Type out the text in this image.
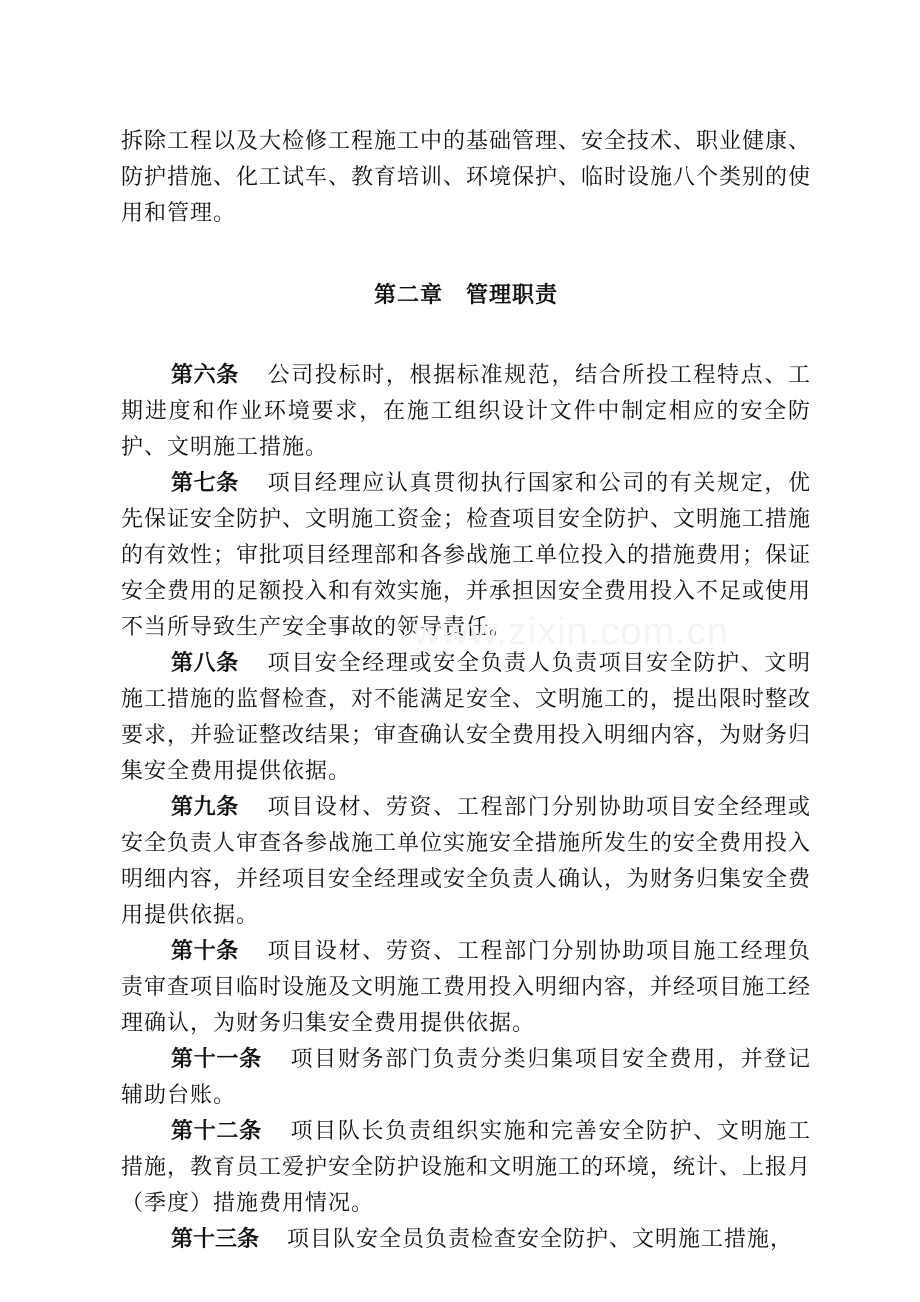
拆除工程以及大检修工程施工中的基础管理、安全技术、职业健康、防护措施、化工试车、教育培训、环境保护、临时设施八个类别的使用和管理。

第二章　管理职责

第六条 公司投标时，根据标准规范，结合所投工程特点、工期进度和作业环境要求，在施工组织设计文件中制定相应的安全防护、文明施工措施。

第七条 项目经理应认真贯彻执行国家和公司的有关规定，优先保证安全防护、文明施工资金；检查项目安全防护、文明施工措施的有效性；审批项目经理部和各参战施工单位投入的措施费用；保证安全费用的足额投入和有效实施，并承担因安全费用投入不足或使用不当所导致生产安全事故的领导责任。

第八条 项目安全经理或安全负责人负责项目安全防护、文明施工措施的监督检查，对不能满足安全、文明施工的，提出限时整改要求，并验证整改结果；审查确认安全费用投入明细内容，为财务归集安全费用提供依据。

第九条 项目设材、劳资、工程部门分别协助项目安全经理或安全负责人审查各参战施工单位实施安全措施所发生的安全费用投入明细内容，并经项目安全经理或安全负责人确认，为财务归集安全费用提供依据。

第十条 项目设材、劳资、工程部门分别协助项目施工经理负责审查项目临时设施及文明施工费用投入明细内容，并经项目施工经理确认，为财务归集安全费用提供依据。

第十一条 项目财务部门负责分类归集项目安全费用，并登记辅助台账。

第十二条 项目队长负责组织实施和完善安全防护、文明施工措施，教育员工爱护安全防护设施和文明施工的环境，统计、上报月（季度）措施费用情况。

第十三条 项目队安全员负责检查安全防护、文明施工措施，

www.zixin.com.cn
